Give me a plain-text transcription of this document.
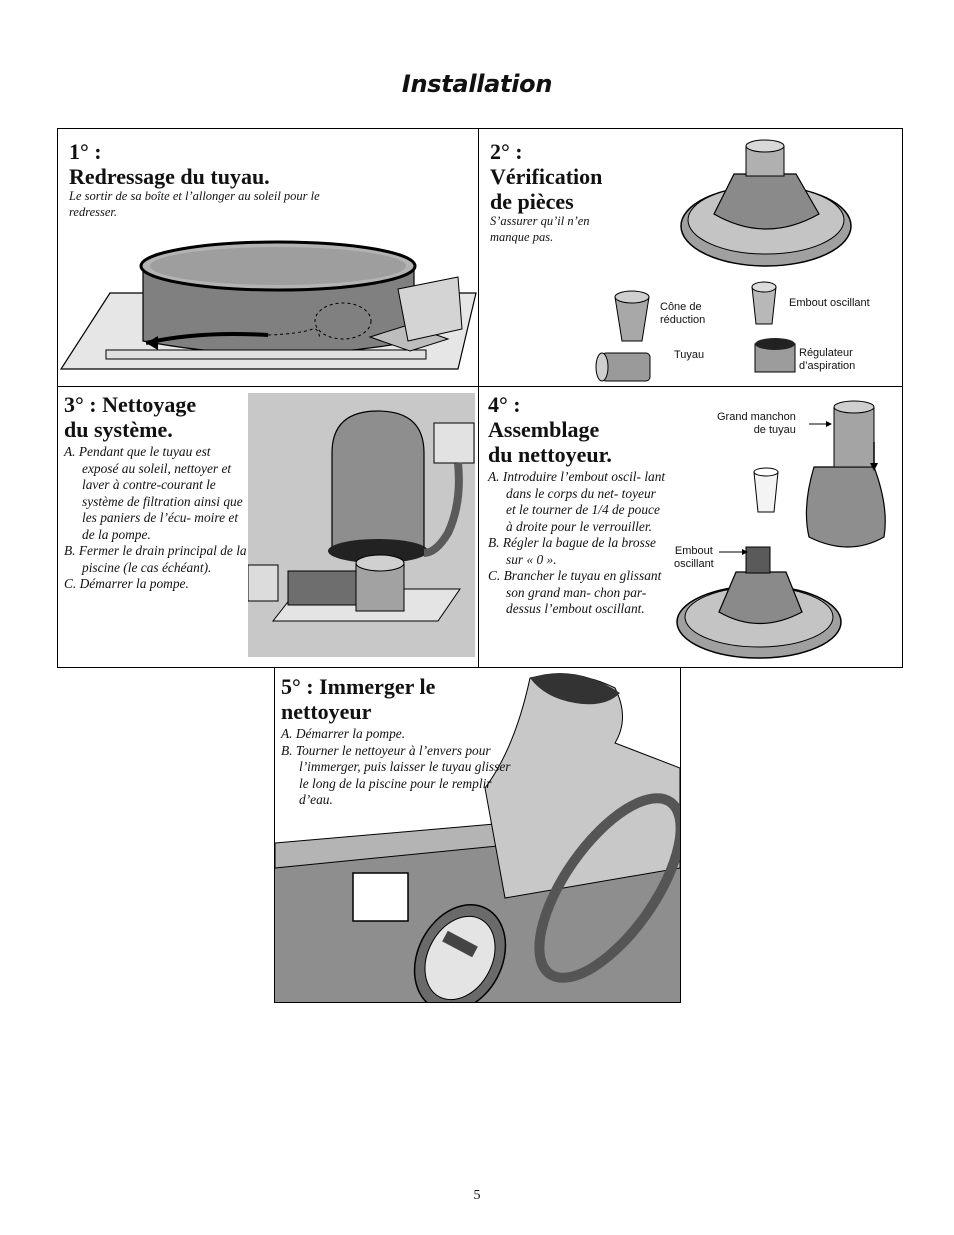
Installation
1° :
Redressage du tuyau.
Le sortir de sa boîte et l’allonger au soleil pour le redresser.
2° :
Vérification
de pièces
S’assurer qu’il n’en manque pas.
Cône de
réduction
Tuyau
Embout oscillant
Régulateur
d’aspiration
3° : Nettoyage
du système.
A. Pendant que le tuyau est exposé au soleil, nettoyer et laver à contre-courant le système de filtration ainsi que les paniers de l’écu- moire et de la pompe.
B. Fermer le drain principal de la piscine (le cas échéant).
C. Démarrer la pompe.
4° :
Assemblage
du nettoyeur.
A. Introduire l’embout oscil- lant dans le corps du net- toyeur et le tourner de 1/4 de pouce à droite pour le verrouiller.
B. Régler la bague de la brosse sur « 0 ».
C. Brancher le tuyau en glissant son grand man- chon par-dessus l’embout oscillant.
Grand manchon
de tuyau
Embout
oscillant
5° : Immerger le
nettoyeur
A. Démarrer la pompe.
B. Tourner le nettoyeur à l’envers pour l’immerger, puis laisser le tuyau glisser le long de la piscine pour le remplir d’eau.
5
